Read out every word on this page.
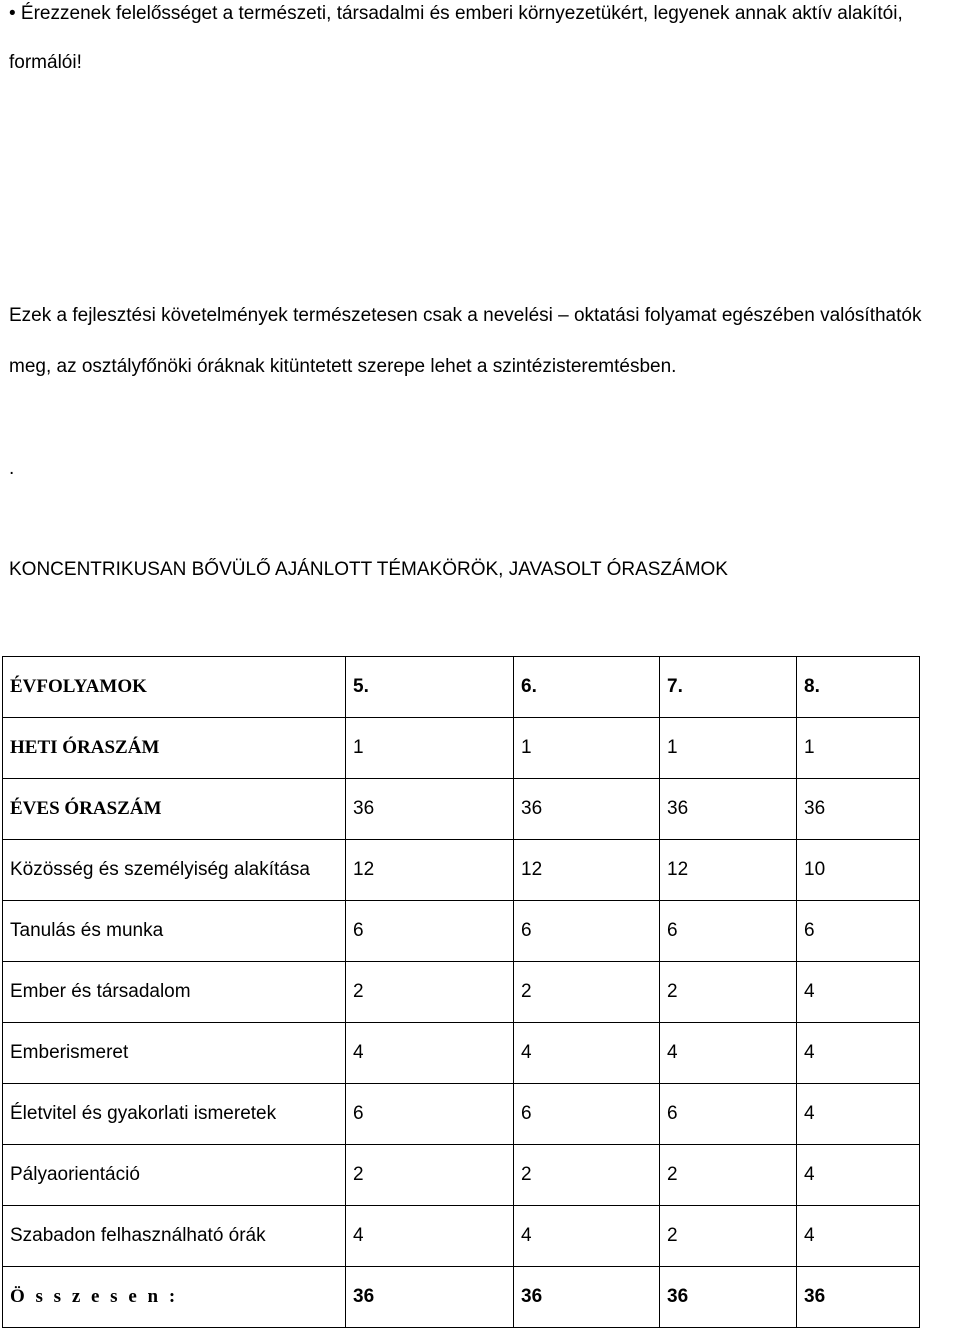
• Érezzenek felelősséget a természeti, társadalmi és emberi környezetükért, legyenek annak aktív alakítói,
formálói!
Ezek a fejlesztési követelmények természetesen csak a nevelési – oktatási folyamat egészében valósíthatók
meg, az osztályfőnöki óráknak kitüntetett szerepe lehet a szintézisteremtésben.
.
KONCENTRIKUSAN BŐVÜLŐ AJÁNLOTT TÉMAKÖRÖK, JAVASOLT ÓRASZÁMOK
ÉVFOLYAMOK	5.	6.	7.	8.
HETI ÓRASZÁM	1	1	1	1
ÉVES ÓRASZÁM	36	36	36	36
Közösség és személyiség alakítása	12	12	12	10
Tanulás és munka	6	6	6	6
Ember és társadalom	2	2	2	4
Emberismeret	4	4	4	4
Életvitel és gyakorlati ismeretek	6	6	6	4
Pályaorientáció	2	2	2	4
Szabadon felhasználható órák	4	4	2	4
Ö s s z e s e n :	36	36	36	36
